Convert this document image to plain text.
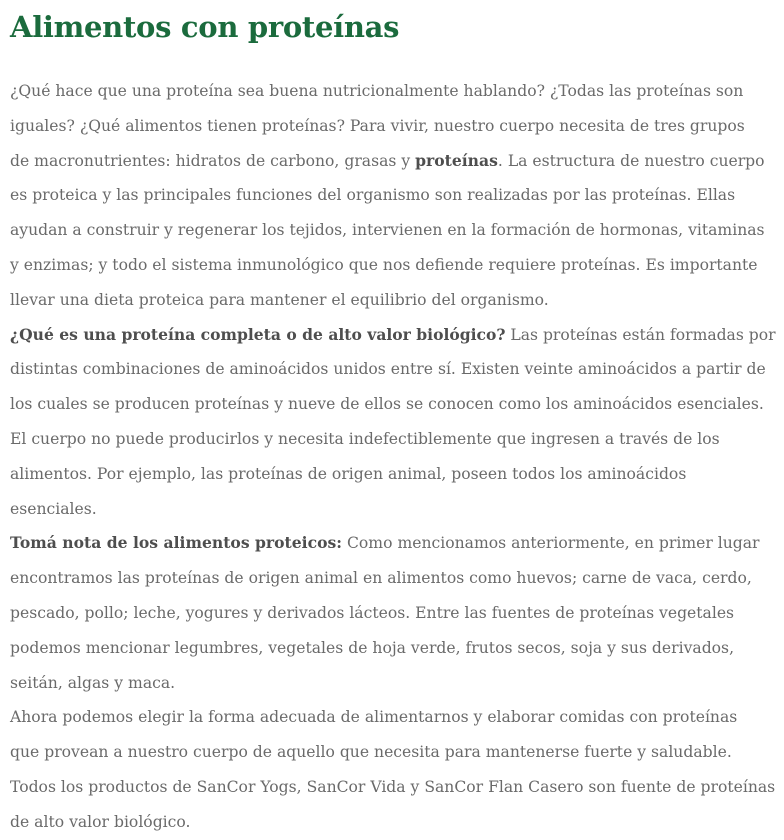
Alimentos con proteínas
¿Qué hace que una proteína sea buena nutricionalmente hablando? ¿Todas las proteínas son
iguales? ¿Qué alimentos tienen proteínas? Para vivir, nuestro cuerpo necesita de tres grupos
de macronutrientes: hidratos de carbono, grasas y proteínas. La estructura de nuestro cuerpo
es proteica y las principales funciones del organismo son realizadas por las proteínas. Ellas
ayudan a construir y regenerar los tejidos, intervienen en la formación de hormonas, vitaminas
y enzimas; y todo el sistema inmunológico que nos defiende requiere proteínas. Es importante
llevar una dieta proteica para mantener el equilibrio del organismo.
¿Qué es una proteína completa o de alto valor biológico? Las proteínas están formadas por
distintas combinaciones de aminoácidos unidos entre sí. Existen veinte aminoácidos a partir de
los cuales se producen proteínas y nueve de ellos se conocen como los aminoácidos esenciales.
El cuerpo no puede producirlos y necesita indefectiblemente que ingresen a través de los
alimentos. Por ejemplo, las proteínas de origen animal, poseen todos los aminoácidos
esenciales.
Tomá nota de los alimentos proteicos: Como mencionamos anteriormente, en primer lugar
encontramos las proteínas de origen animal en alimentos como huevos; carne de vaca, cerdo,
pescado, pollo; leche, yogures y derivados lácteos. Entre las fuentes de proteínas vegetales
podemos mencionar legumbres, vegetales de hoja verde, frutos secos, soja y sus derivados,
seitán, algas y maca.
Ahora podemos elegir la forma adecuada de alimentarnos y elaborar comidas con proteínas
que provean a nuestro cuerpo de aquello que necesita para mantenerse fuerte y saludable.
Todos los productos de SanCor Yogs, SanCor Vida y SanCor Flan Casero son fuente de proteínas
de alto valor biológico.
